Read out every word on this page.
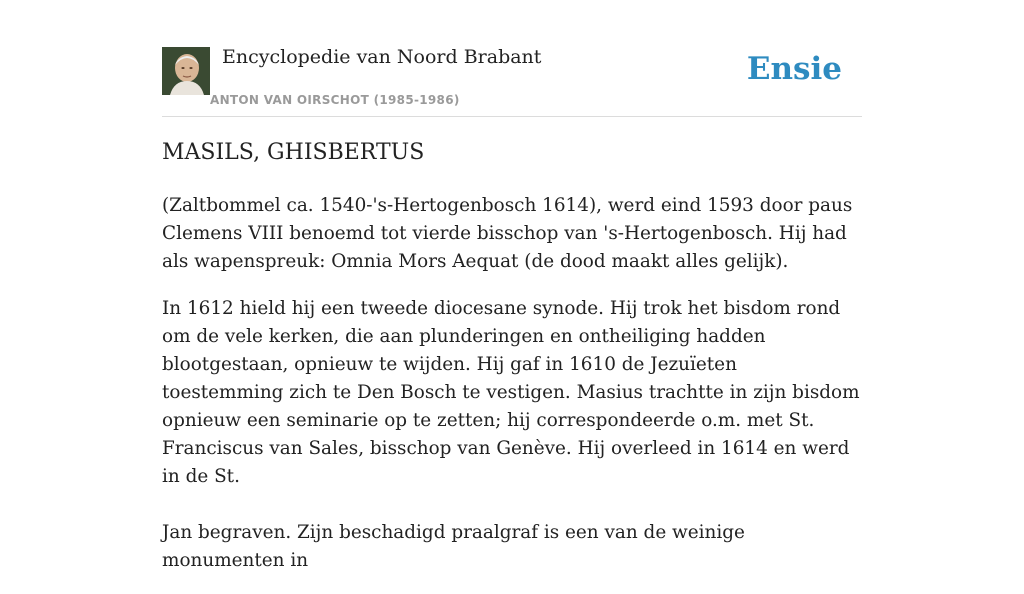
Encyclopedie van Noord Brabant
ANTON VAN OIRSCHOT (1985-1986)
Ensie
MASILS, GHISBERTUS

(Zaltbommel ca. 1540-'s-Hertogenbosch 1614), werd eind 1593 door paus Clemens VIII benoemd tot vierde bisschop van 's-Hertogenbosch. Hij had als wapenspreuk: Omnia Mors Aequat (de dood maakt alles gelijk).

In 1612 hield hij een tweede diocesane synode. Hij trok het bisdom rond om de vele kerken, die aan plunderingen en ontheiliging hadden blootgestaan, opnieuw te wijden. Hij gaf in 1610 de Jezuïeten toestemming zich te Den Bosch te vestigen. Masius trachtte in zijn bisdom opnieuw een seminarie op te zetten; hij correspondeerde o.m. met St. Franciscus van Sales, bisschop van Genève. Hij overleed in 1614 en werd in de St.

Jan begraven. Zijn beschadigd praalgraf is een van de weinige monumenten in
